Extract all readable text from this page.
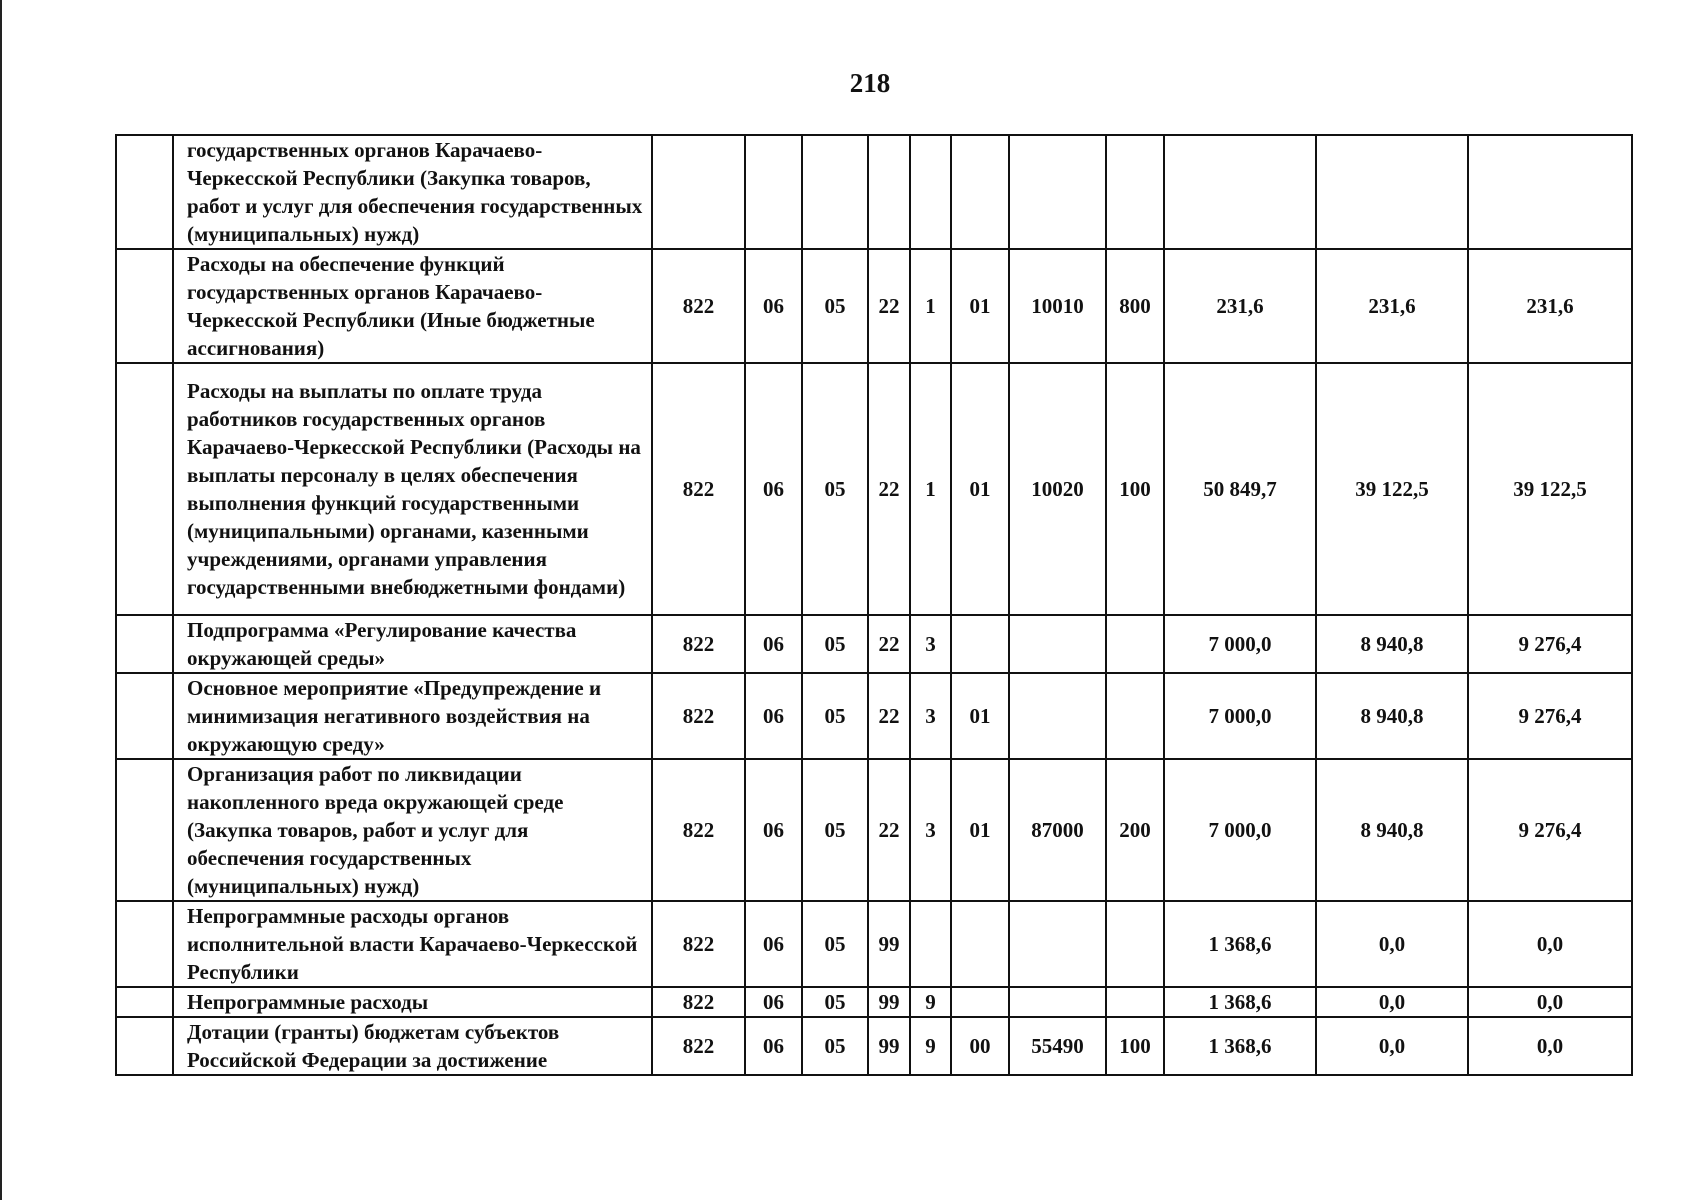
218
	государственных органов Карачаево-Черкесской Республики (Закупка товаров, работ и услуг для обеспечения государственных (муниципальных) нужд)											
	Расходы на обеспечение функций государственных органов Карачаево-Черкесской Республики (Иные бюджетные ассигнования)	822	06	05	22	1	01	10010	800	231,6	231,6	231,6
	Расходы на выплаты по оплате труда работников государственных органов Карачаево-Черкесской Республики (Расходы на выплаты персоналу в целях обеспечения выполнения функций государственными (муниципальными) органами, казенными учреждениями, органами управления государственными внебюджетными фондами)	822	06	05	22	1	01	10020	100	50 849,7	39 122,5	39 122,5
	Подпрограмма «Регулирование качества окружающей среды»	822	06	05	22	3				7 000,0	8 940,8	9 276,4
	Основное мероприятие «Предупреждение и минимизация негативного воздействия на окружающую среду»	822	06	05	22	3	01			7 000,0	8 940,8	9 276,4
	Организация работ по ликвидации накопленного вреда окружающей среде (Закупка товаров, работ и услуг для обеспечения государственных (муниципальных) нужд)	822	06	05	22	3	01	87000	200	7 000,0	8 940,8	9 276,4
	Непрограммные расходы органов исполнительной власти Карачаево-Черкесской Республики	822	06	05	99					1 368,6	0,0	0,0
	Непрограммные расходы	822	06	05	99	9				1 368,6	0,0	0,0
	Дотации (гранты) бюджетам субъектов Российской Федерации за достижение	822	06	05	99	9	00	55490	100	1 368,6	0,0	0,0
